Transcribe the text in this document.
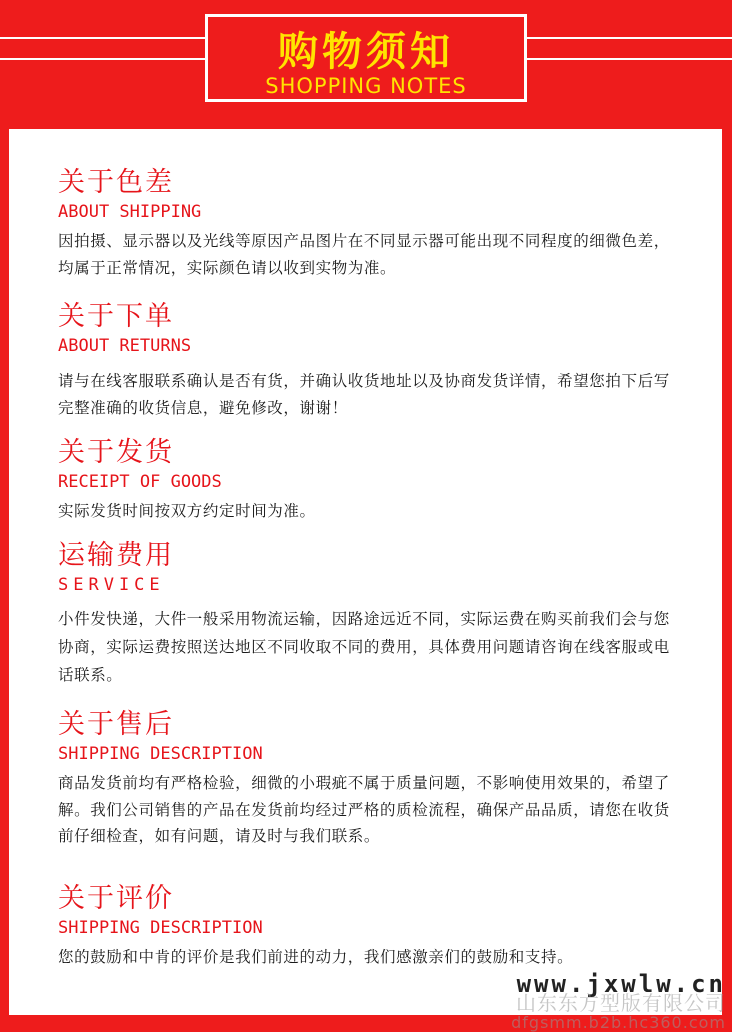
购物须知
SHOPPING NOTES
关于色差
ABOUT SHIPPING
因拍摄、显示器以及光线等原因产品图片在不同显示器可能出现不同程度的细微色差，均属于正常情况，实际颜色请以收到实物为准。
关于下单
ABOUT RETURNS
请与在线客服联系确认是否有货，并确认收货地址以及协商发货详情，希望您拍下后写完整准确的收货信息，避免修改，谢谢！
关于发货
RECEIPT OF GOODS
实际发货时间按双方约定时间为准。
运输费用
SERVICE
小件发快递，大件一般采用物流运输，因路途远近不同，实际运费在购买前我们会与您协商，实际运费按照送达地区不同收取不同的费用，具体费用问题请咨询在线客服或电话联系。
关于售后
SHIPPING DESCRIPTION
商品发货前均有严格检验，细微的小瑕疵不属于质量问题，不影响使用效果的，希望了解。我们公司销售的产品在发货前均经过严格的质检流程，确保产品品质，请您在收货前仔细检查，如有问题，请及时与我们联系。
关于评价
SHIPPING DESCRIPTION
您的鼓励和中肯的评价是我们前进的动力，我们感激亲们的鼓励和支持。
www.jxwlw.cn
山东东方型版有限公司
dfgsmm.b2b.hc360.com
